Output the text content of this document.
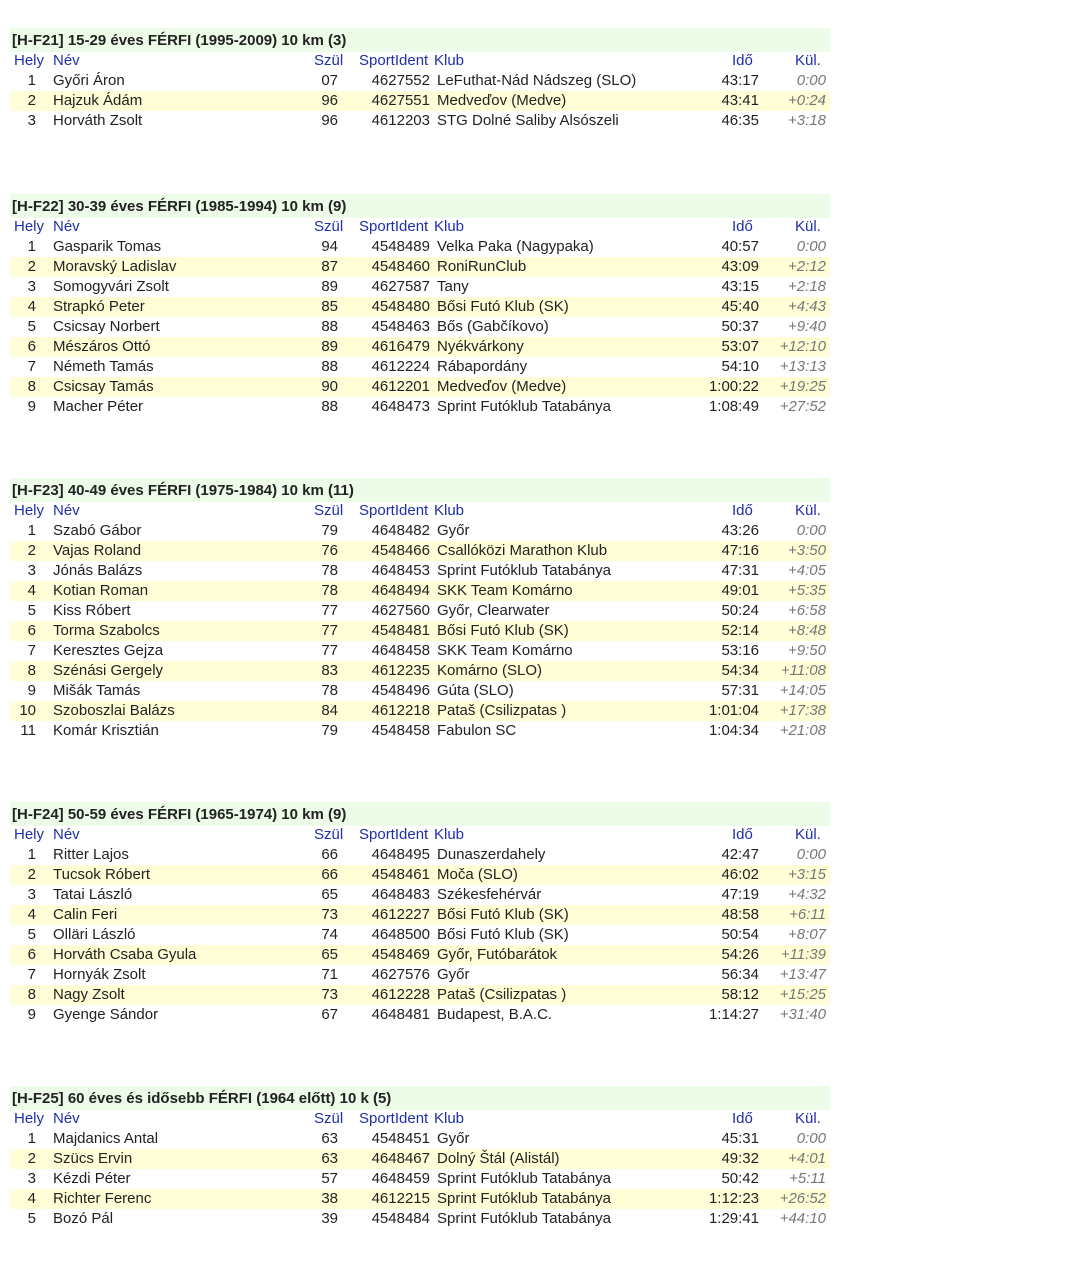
[H-F21] 15-29 éves FÉRFI (1995-2009) 10 km (3)
Hely Név	Szül SportIdent Klub	Idő	Kül.
1 Győri Áron	07	4627552 LeFuthat-Nád Nádszeg (SLO)	43:17	0:00
2 Hajzuk Ádám	96	4627551 Medveďov (Medve)	43:41	+0:24
3 Horváth Zsolt	96	4612203 STG Dolné Saliby Alsószeli	46:35	+3:18
[H-F22] 30-39 éves FÉRFI (1985-1994) 10 km (9)
Hely Név	Szül SportIdent Klub	Idő	Kül.
1 Gasparik Tomas	94	4548489 Velka Paka (Nagypaka)	40:57	0:00
2 Moravský Ladislav	87	4548460 RoniRunClub	43:09	+2:12
3 Somogyvári Zsolt	89	4627587 Tany	43:15	+2:18
4 Strapkó Peter	85	4548480 Bősi Futó Klub (SK)	45:40	+4:43
5 Csicsay Norbert	88	4548463 Bős (Gabčíkovo)	50:37	+9:40
6 Mészáros Ottó	89	4616479 Nyékvárkony	53:07	+12:10
7 Németh Tamás	88	4612224 Rábapordány	54:10	+13:13
8 Csicsay Tamás	90	4612201 Medveďov (Medve)	1:00:22	+19:25
9 Macher Péter	88	4648473 Sprint Futóklub Tatabánya	1:08:49	+27:52
[H-F23] 40-49 éves FÉRFI (1975-1984) 10 km (11)
Hely Név	Szül SportIdent Klub	Idő	Kül.
1 Szabó Gábor	79	4648482 Győr	43:26	0:00
2 Vajas Roland	76	4548466 Csallóközi Marathon Klub	47:16	+3:50
3 Jónás Balázs	78	4648453 Sprint Futóklub Tatabánya	47:31	+4:05
4 Kotian Roman	78	4648494 SKK Team Komárno	49:01	+5:35
5 Kiss Róbert	77	4627560 Győr, Clearwater	50:24	+6:58
6 Torma Szabolcs	77	4548481 Bősi Futó Klub (SK)	52:14	+8:48
7 Keresztes Gejza	77	4648458 SKK Team Komárno	53:16	+9:50
8 Szénási Gergely	83	4612235 Komárno (SLO)	54:34	+11:08
9 Mišák Tamás	78	4548496 Gúta (SLO)	57:31	+14:05
10 Szoboszlai Balázs	84	4612218 Pataš (Csilizpatas )	1:01:04	+17:38
11 Komár Krisztián	79	4548458 Fabulon SC	1:04:34	+21:08
[H-F24] 50-59 éves FÉRFI (1965-1974) 10 km (9)
Hely Név	Szül SportIdent Klub	Idő	Kül.
1 Ritter Lajos	66	4648495 Dunaszerdahely	42:47	0:00
2 Tucsok Róbert	66	4548461 Moča (SLO)	46:02	+3:15
3 Tatai László	65	4648483 Székesfehérvár	47:19	+4:32
4 Calin Feri	73	4612227 Bősi Futó Klub (SK)	48:58	+6:11
5 Olläri László	74	4648500 Bősi Futó Klub (SK)	50:54	+8:07
6 Horváth Csaba Gyula	65	4548469 Győr, Futóbarátok	54:26	+11:39
7 Hornyák Zsolt	71	4627576 Győr	56:34	+13:47
8 Nagy Zsolt	73	4612228 Pataš (Csilizpatas )	58:12	+15:25
9 Gyenge Sándor	67	4648481 Budapest, B.A.C.	1:14:27	+31:40
[H-F25] 60 éves és idősebb FÉRFI (1964 előtt) 10 k (5)
Hely Név	Szül SportIdent Klub	Idő	Kül.
1 Majdanics Antal	63	4548451 Győr	45:31	0:00
2 Szücs Ervin	63	4648467 Dolný Štál (Alistál)	49:32	+4:01
3 Kézdi Péter	57	4648459 Sprint Futóklub Tatabánya	50:42	+5:11
4 Richter Ferenc	38	4612215 Sprint Futóklub Tatabánya	1:12:23	+26:52
5 Bozó Pál	39	4548484 Sprint Futóklub Tatabánya	1:29:41	+44:10
